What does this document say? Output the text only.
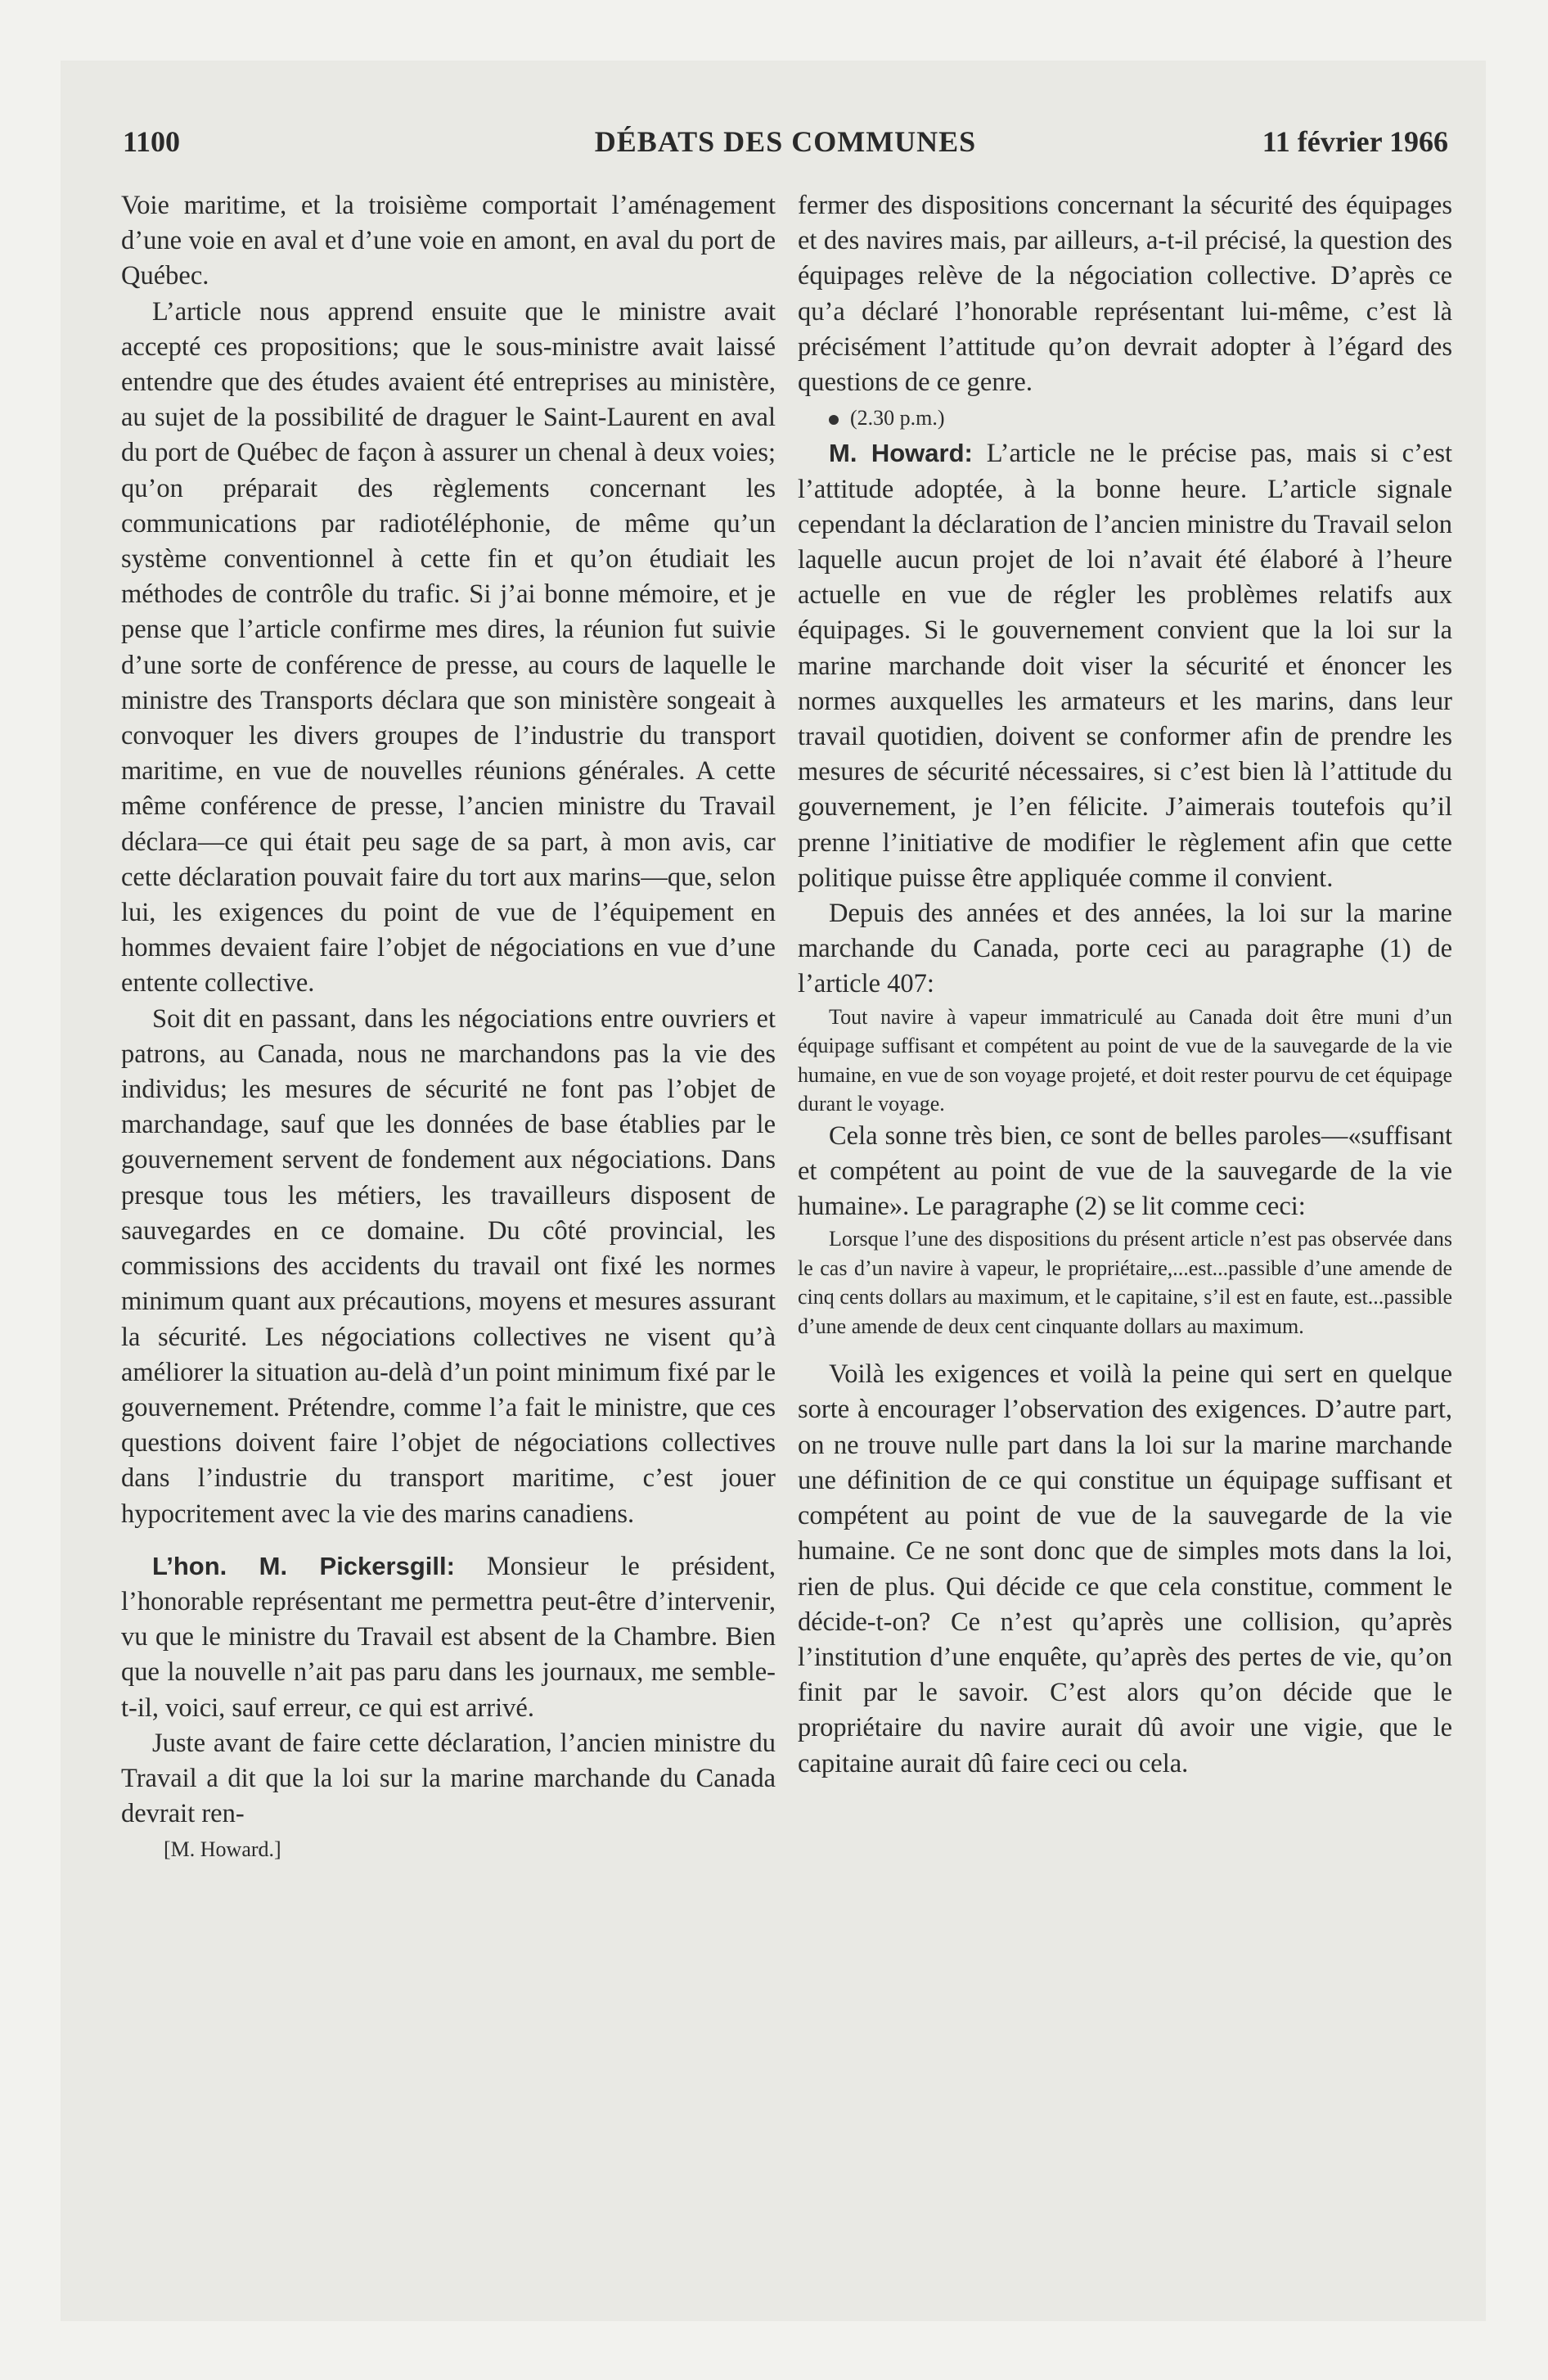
DÉBATS DES COMMUNES
1100	11 février 1966

Voie maritime, et la troisième comportait l’aménagement d’une voie en aval et d’une voie en amont, en aval du port de Québec.

L’article nous apprend ensuite que le ministre avait accepté ces propositions; que le sous-ministre avait laissé entendre que des études avaient été entreprises au ministère, au sujet de la possibilité de draguer le Saint-Laurent en aval du port de Québec de façon à assurer un chenal à deux voies; qu’on préparait des règlements concernant les communications par radiotéléphonie, de même qu’un système conventionnel à cette fin et qu’on étudiait les méthodes de contrôle du trafic. Si j’ai bonne mémoire, et je pense que l’article confirme mes dires, la réunion fut suivie d’une sorte de conférence de presse, au cours de laquelle le ministre des Transports déclara que son ministère songeait à convoquer les divers groupes de l’industrie du transport maritime, en vue de nouvelles réunions générales. A cette même conférence de presse, l’ancien ministre du Travail déclara—ce qui était peu sage de sa part, à mon avis, car cette déclaration pouvait faire du tort aux marins—que, selon lui, les exigences du point de vue de l’équipement en hommes devaient faire l’objet de négociations en vue d’une entente collective.

Soit dit en passant, dans les négociations entre ouvriers et patrons, au Canada, nous ne marchandons pas la vie des individus; les mesures de sécurité ne font pas l’objet de marchandage, sauf que les données de base établies par le gouvernement servent de fondement aux négociations. Dans presque tous les métiers, les travailleurs disposent de sauvegardes en ce domaine. Du côté provincial, les commissions des accidents du travail ont fixé les normes minimum quant aux précautions, moyens et mesures assurant la sécurité. Les négociations collectives ne visent qu’à améliorer la situation au-delà d’un point minimum fixé par le gouvernement. Prétendre, comme l’a fait le ministre, que ces questions doivent faire l’objet de négociations collectives dans l’industrie du transport maritime, c’est jouer hypocritement avec la vie des marins canadiens.

L’hon. M. Pickersgill: Monsieur le président, l’honorable représentant me permettra peut-être d’intervenir, vu que le ministre du Travail est absent de la Chambre. Bien que la nouvelle n’ait pas paru dans les journaux, me semble-t-il, voici, sauf erreur, ce qui est arrivé.

Juste avant de faire cette déclaration, l’ancien ministre du Travail a dit que la loi sur la marine marchande du Canada devrait ren-

[M. Howard.]

fermer des dispositions concernant la sécurité des équipages et des navires mais, par ailleurs, a-t-il précisé, la question des équipages relève de la négociation collective. D’après ce qu’a déclaré l’honorable représentant lui-même, c’est là précisément l’attitude qu’on devrait adopter à l’égard des questions de ce genre.

(2.30 p.m.)

M. Howard: L’article ne le précise pas, mais si c’est l’attitude adoptée, à la bonne heure. L’article signale cependant la déclaration de l’ancien ministre du Travail selon laquelle aucun projet de loi n’avait été élaboré à l’heure actuelle en vue de régler les problèmes relatifs aux équipages. Si le gouvernement convient que la loi sur la marine marchande doit viser la sécurité et énoncer les normes auxquelles les armateurs et les marins, dans leur travail quotidien, doivent se conformer afin de prendre les mesures de sécurité nécessaires, si c’est bien là l’attitude du gouvernement, je l’en félicite. J’aimerais toutefois qu’il prenne l’initiative de modifier le règlement afin que cette politique puisse être appliquée comme il convient.

Depuis des années et des années, la loi sur la marine marchande du Canada, porte ceci au paragraphe (1) de l’article 407:

Tout navire à vapeur immatriculé au Canada doit être muni d’un équipage suffisant et compétent au point de vue de la sauvegarde de la vie humaine, en vue de son voyage projeté, et doit rester pourvu de cet équipage durant le voyage.

Cela sonne très bien, ce sont de belles paroles—«suffisant et compétent au point de vue de la sauvegarde de la vie humaine». Le paragraphe (2) se lit comme ceci:

Lorsque l’une des dispositions du présent article n’est pas observée dans le cas d’un navire à vapeur, le propriétaire,...est...passible d’une amende de cinq cents dollars au maximum, et le capitaine, s’il est en faute, est...passible d’une amende de deux cent cinquante dollars au maximum.

Voilà les exigences et voilà la peine qui sert en quelque sorte à encourager l’observation des exigences. D’autre part, on ne trouve nulle part dans la loi sur la marine marchande une définition de ce qui constitue un équipage suffisant et compétent au point de vue de la sauvegarde de la vie humaine. Ce ne sont donc que de simples mots dans la loi, rien de plus. Qui décide ce que cela constitue, comment le décide-t-on? Ce n’est qu’après une collision, qu’après l’institution d’une enquête, qu’après des pertes de vie, qu’on finit par le savoir. C’est alors qu’on décide que le propriétaire du navire aurait dû avoir une vigie, que le capitaine aurait dû faire ceci ou cela.
